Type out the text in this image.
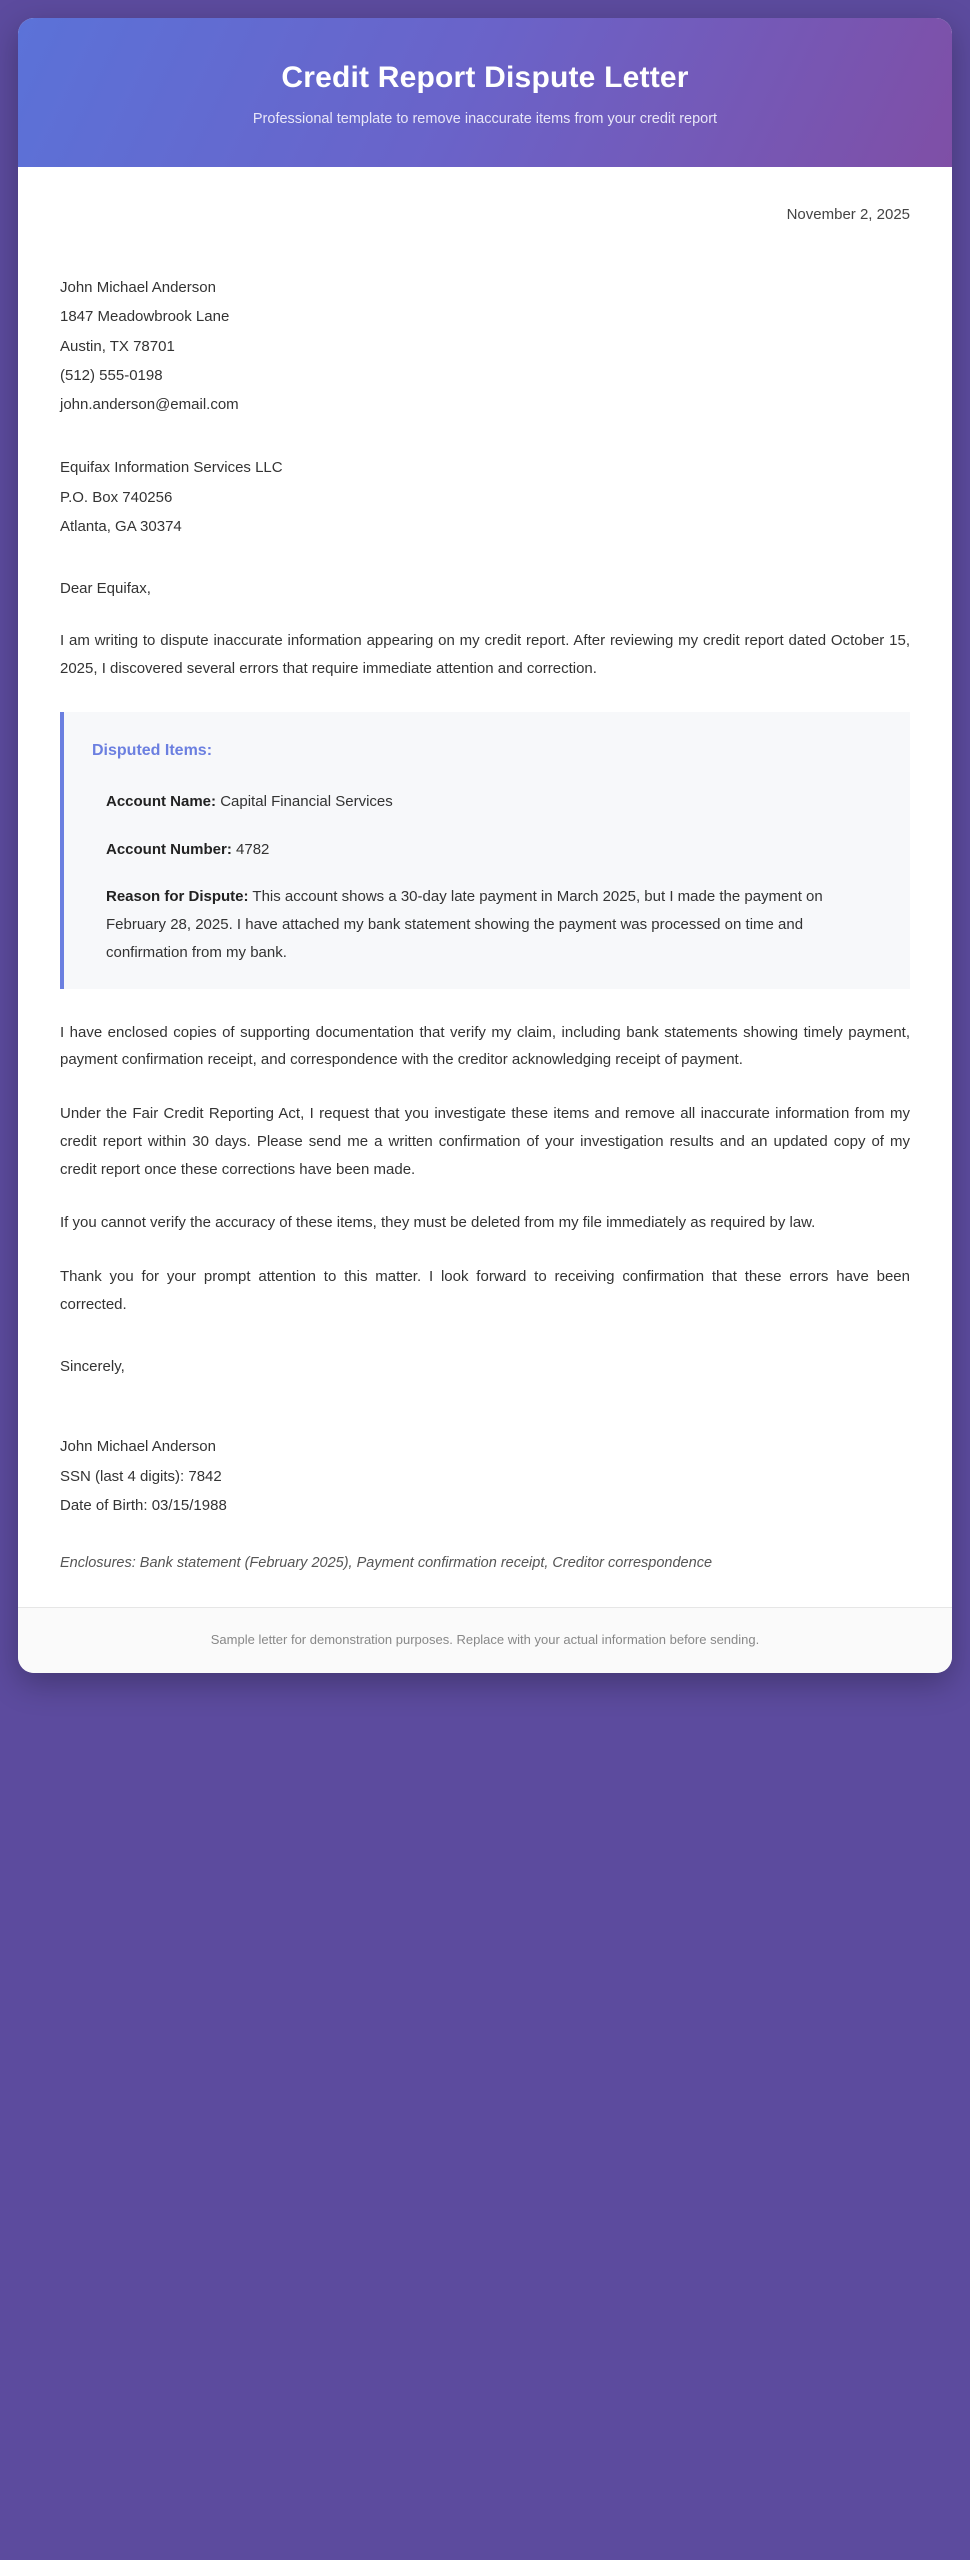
Credit Report Dispute Letter
Professional template to remove inaccurate items from your credit report
November 2, 2025
John Michael Anderson
1847 Meadowbrook Lane
Austin, TX 78701
(512) 555-0198
john.anderson@email.com
Equifax Information Services LLC
P.O. Box 740256
Atlanta, GA 30374
Dear Equifax,

I am writing to dispute inaccurate information appearing on my credit report. After reviewing my credit report dated October 15, 2025, I discovered several errors that require immediate attention and correction.

Disputed Items:
Account Name: Capital Financial Services
Account Number: 4782
Reason for Dispute: This account shows a 30-day late payment in March 2025, but I made the payment on February 28, 2025. I have attached my bank statement showing the payment was processed on time and confirmation from my bank.

I have enclosed copies of supporting documentation that verify my claim, including bank statements showing timely payment, payment confirmation receipt, and correspondence with the creditor acknowledging receipt of payment.

Under the Fair Credit Reporting Act, I request that you investigate these items and remove all inaccurate information from my credit report within 30 days. Please send me a written confirmation of your investigation results and an updated copy of my credit report once these corrections have been made.

If you cannot verify the accuracy of these items, they must be deleted from my file immediately as required by law.

Thank you for your prompt attention to this matter. I look forward to receiving confirmation that these errors have been corrected.

Sincerely,
John Michael Anderson
SSN (last 4 digits): 7842
Date of Birth: 03/15/1988
Enclosures: Bank statement (February 2025), Payment confirmation receipt, Creditor correspondence
Sample letter for demonstration purposes. Replace with your actual information before sending.
